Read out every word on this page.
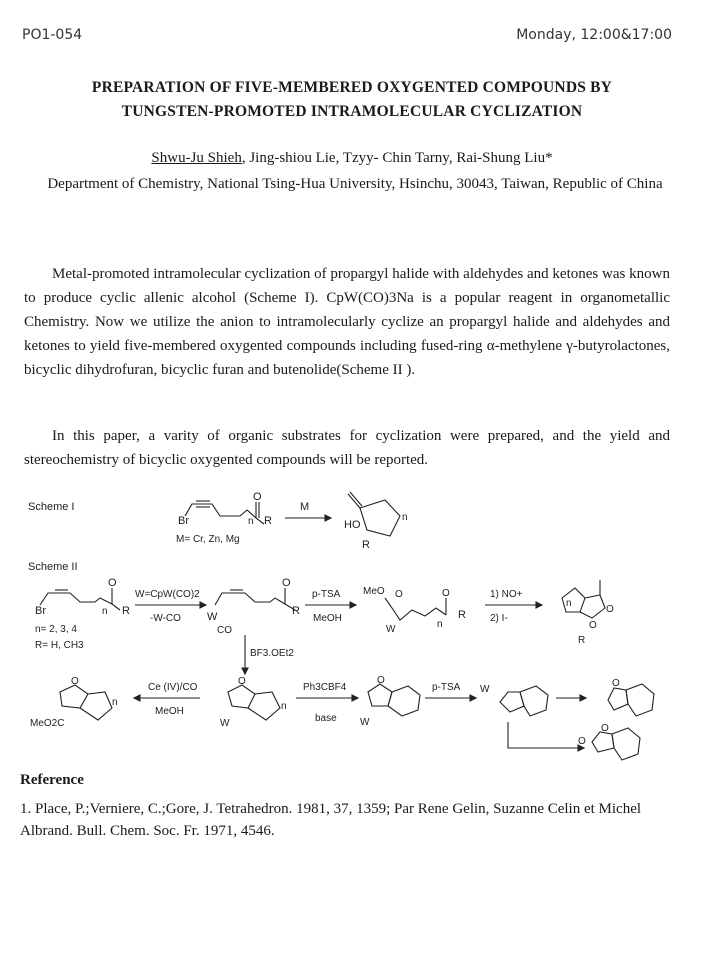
PO1-054	Monday, 12:00&17:00
PREPARATION OF FIVE-MEMBERED OXYGENTED COMPOUNDS BY
TUNGSTEN-PROMOTED INTRAMOLECULAR CYCLIZATION
Shwu-Ju Shieh, Jing-shiou Lie, Tzyy- Chin Tarny, Rai-Shung Liu*
Department of Chemistry, National Tsing-Hua University, Hsinchu, 30043, Taiwan, Republic of China
Metal-promoted intramolecular cyclization of propargyl halide with aldehydes and ketones was known to produce cyclic allenic alcohol (Scheme I). CpW(CO)3Na is a popular reagent in organometallic Chemistry. Now we utilize the anion to intramolecularly cyclize an propargyl halide and aldehydes and ketones to yield five-membered oxygented compounds including fused-ring α-methylene γ-butyrolactones, bicyclic dihydrofuran, bicyclic furan and butenolide(Scheme II ).
In this paper, a varity of organic substrates for cyclization were prepared, and the yield and stereochemistry of bicyclic oxygented compounds will be reported.
Scheme I
Br
O
n R
M= Cr, Zn, Mg
M
HO
R
n
Scheme II
O
R
n
Br
n= 2, 3, 4
R= H, CH3
W=CpW(CO)2
-W-CO
O
R
W
CO
p-TSA
MeOH
MeO O	O
R
n
W
1) NO+
2) I-
O
O
R
n
BF3.OEt2
O
MeO2C
n
Ce (IV)/CO
MeOH
O
W
n
Ph3CBF4
base
O
W
p-TSA W
O
O
O
Reference
1. Place, P.;Verniere, C.;Gore, J. Tetrahedron. 1981, 37, 1359; Par Rene Gelin, Suzanne Celin et Michel Albrand. Bull. Chem. Soc. Fr. 1971, 4546.
